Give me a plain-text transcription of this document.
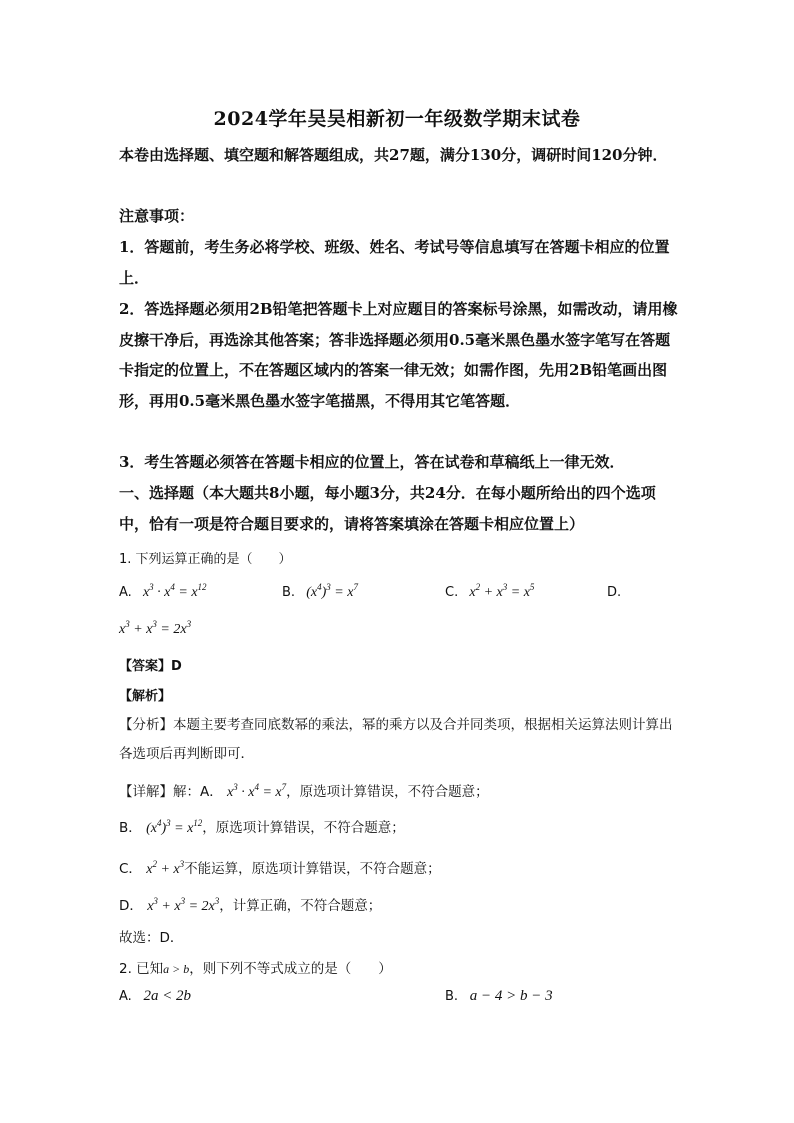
2024学年吴吴相新初一年级数学期末试卷
本卷由选择题、填空题和解答题组成，共27题，满分130分，调研时间120分钟．
注意事项：
1．答题前，考生务必将学校、班级、姓名、考试号等信息填写在答题卡相应的位置上．
2．答选择题必须用2B铅笔把答题卡上对应题目的答案标号涂黑，如需改动，请用橡皮擦干净后，再选涂其他答案；答非选择题必须用0.5毫米黑色墨水签字笔写在答题卡指定的位置上，不在答题区域内的答案一律无效；如需作图，先用2B铅笔画出图形，再用0.5毫米黑色墨水签字笔描黑，不得用其它笔答题．
3．考生答题必须答在答题卡相应的位置上，答在试卷和草稿纸上一律无效．
一、选择题（本大题共8小题，每小题3分，共24分．在每小题所给出的四个选项中，恰有一项是符合题目要求的，请将答案填涂在答题卡相应位置上）
1. 下列运算正确的是（　　）
A.   $x^3 \cdot x^4 = x^{12}$	B.   $(x^4)^3 = x^7$	C.   $x^2 + x^3 = x^5$	D.
$x^3 + x^3 = 2x^3$
【答案】D
【解析】
【分析】本题主要考查同底数幂的乘法，幂的乘方以及合并同类项，根据相关运算法则计算出各选项后再判断即可．
【详解】解：A． $x^3 \cdot x^4 = x^7$，原选项计算错误，不符合题意；
B． $(x^4)^3 = x^{12}$，原选项计算错误，不符合题意；
C． $x^2 + x^3$不能运算，原选项计算错误，不符合题意；
D． $x^3 + x^3 = 2x^3$，计算正确，不符合题意；
故选：D．
2. 已知a > b，则下列不等式成立的是（　　）
A.   2a < 2b	B.   a − 4 > b − 3
